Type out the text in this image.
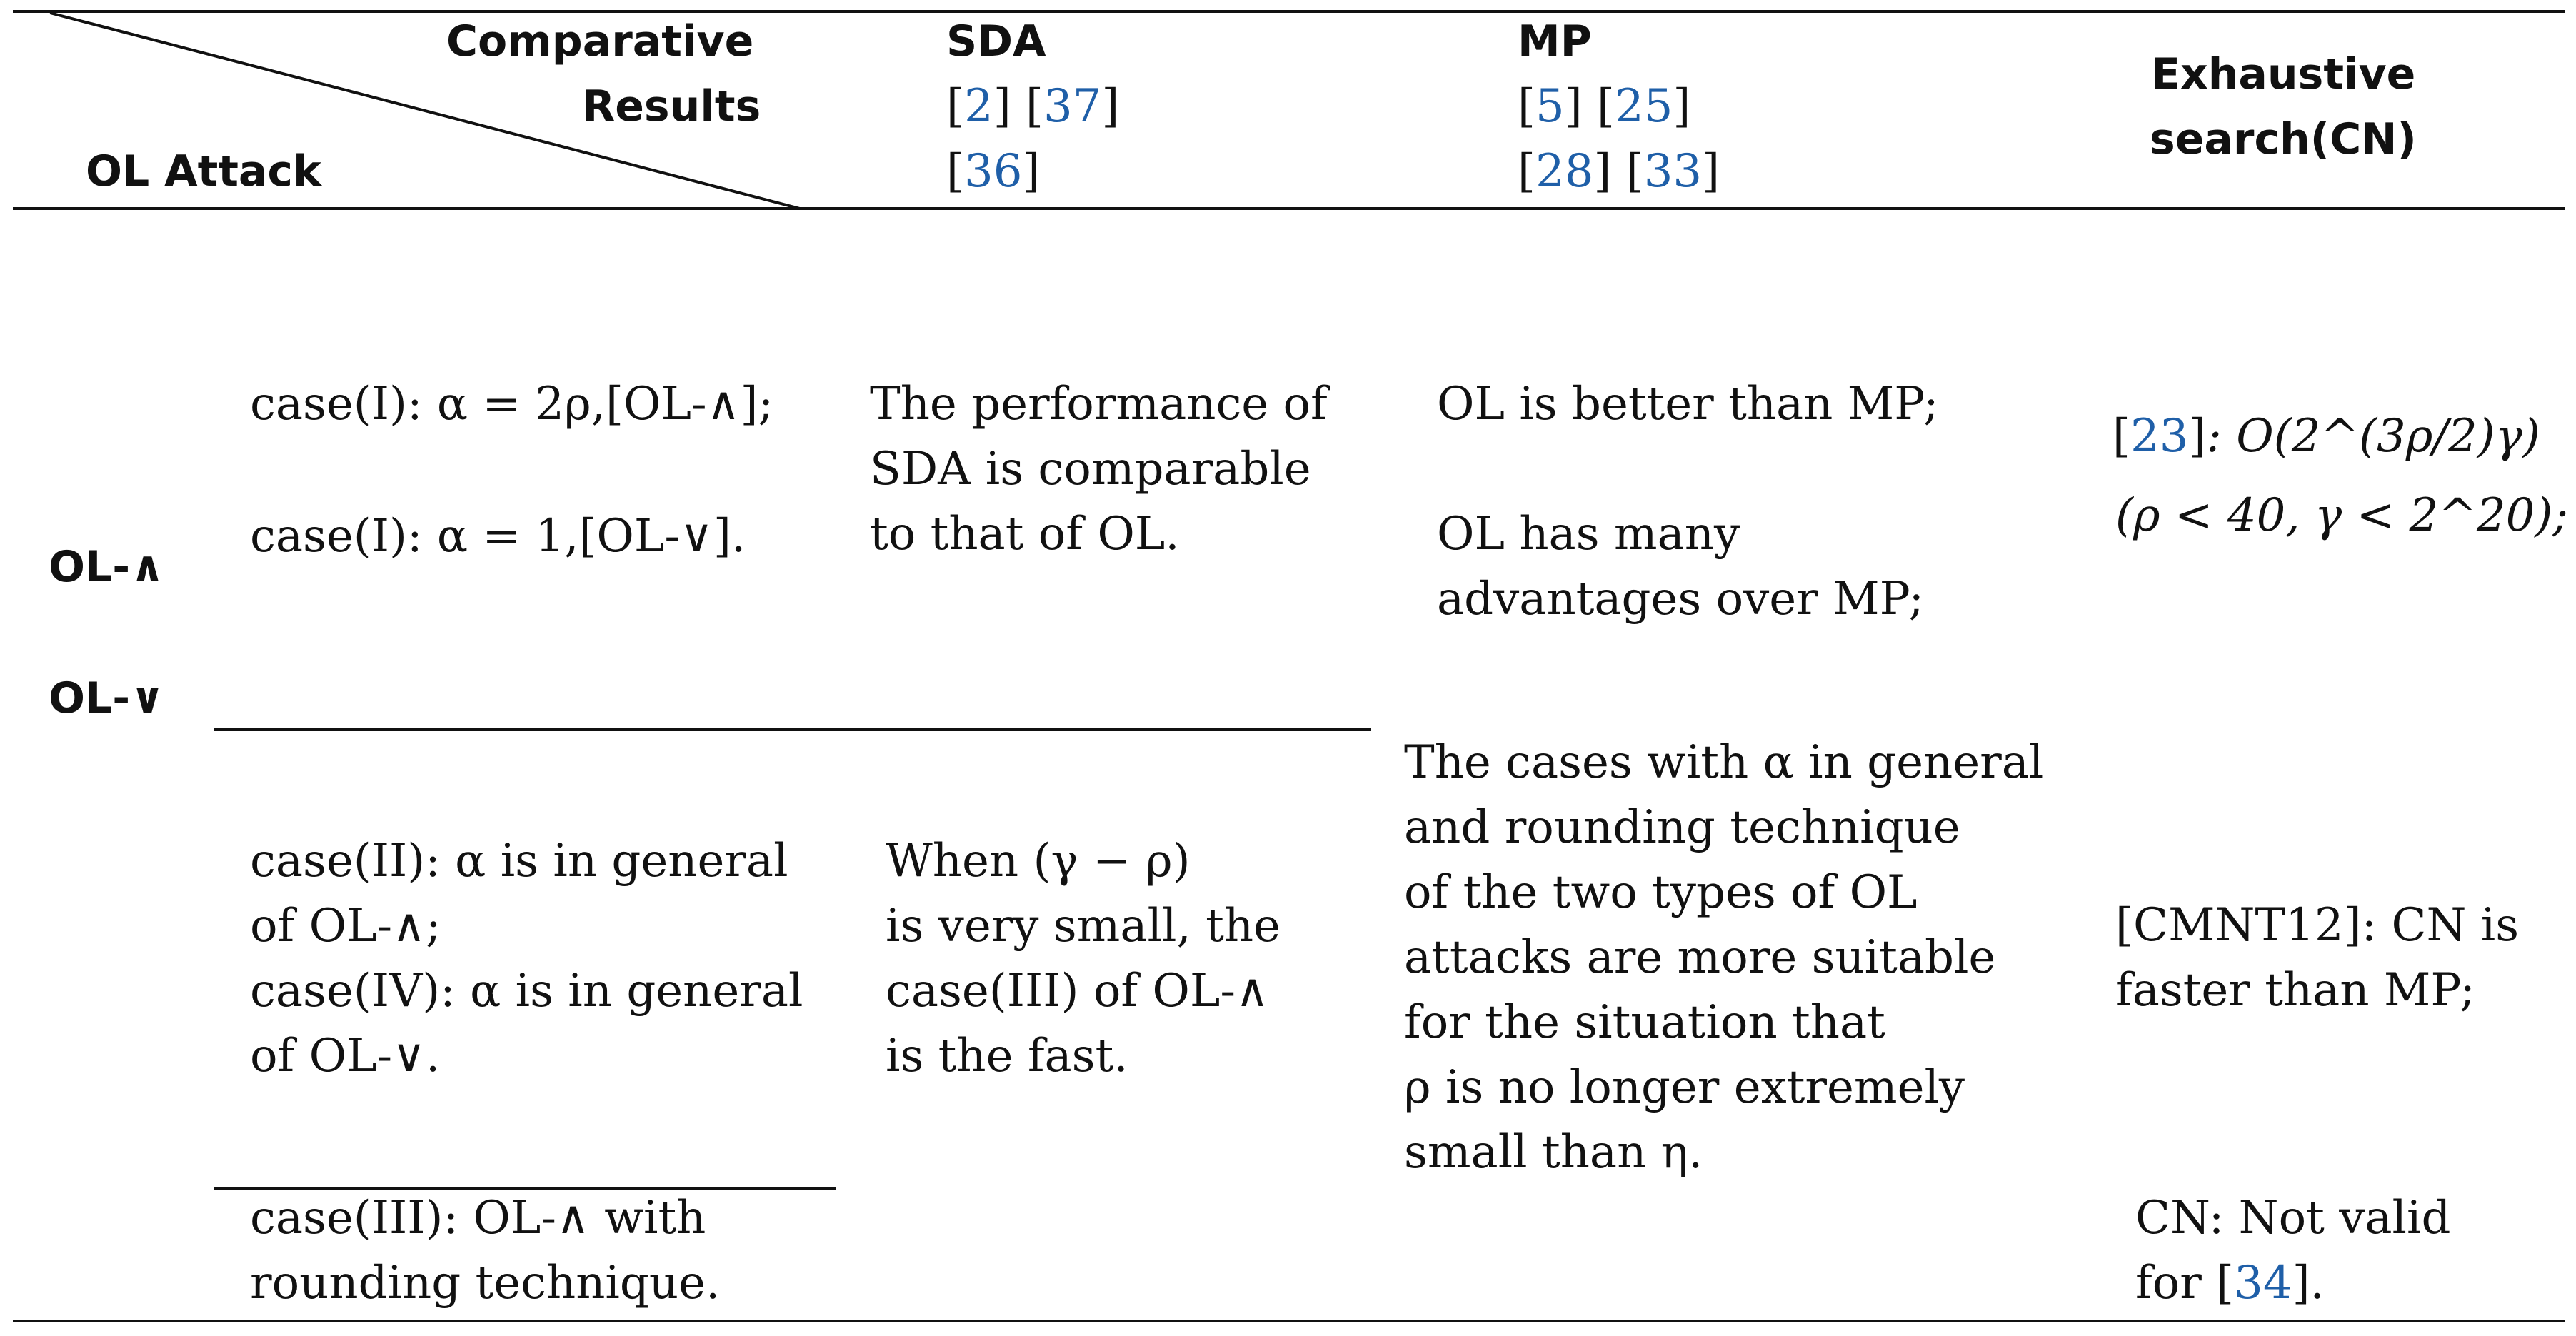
Comparative
Results
OL Attack
SDA
[2] [37]
[36]
MP
[5] [25]
[28] [33]
Exhaustive
search(CN)
OL-∧
OL-∨
case(I): α = 2ρ,[OL-∧];
case(I): α = 1,[OL-∨].
The performance of
SDA is comparable
to that of OL.
OL is better than MP;
OL has many
advantages over MP;
[23]: O(2^(3ρ/2)γ)
(ρ < 40, γ < 2^20);
case(II): α is in general
of OL-∧;
case(IV): α is in general
of OL-∨.
When (γ − ρ)
is very small, the
case(III) of OL-∧
is the fast.
The cases with α in general
and rounding technique
of the two types of OL
attacks are more suitable
for the situation that
ρ is no longer extremely
small than η.
[CMNT12]: CN is
faster than MP;
case(III): OL-∧ with
rounding technique.
CN: Not valid
for [34].
